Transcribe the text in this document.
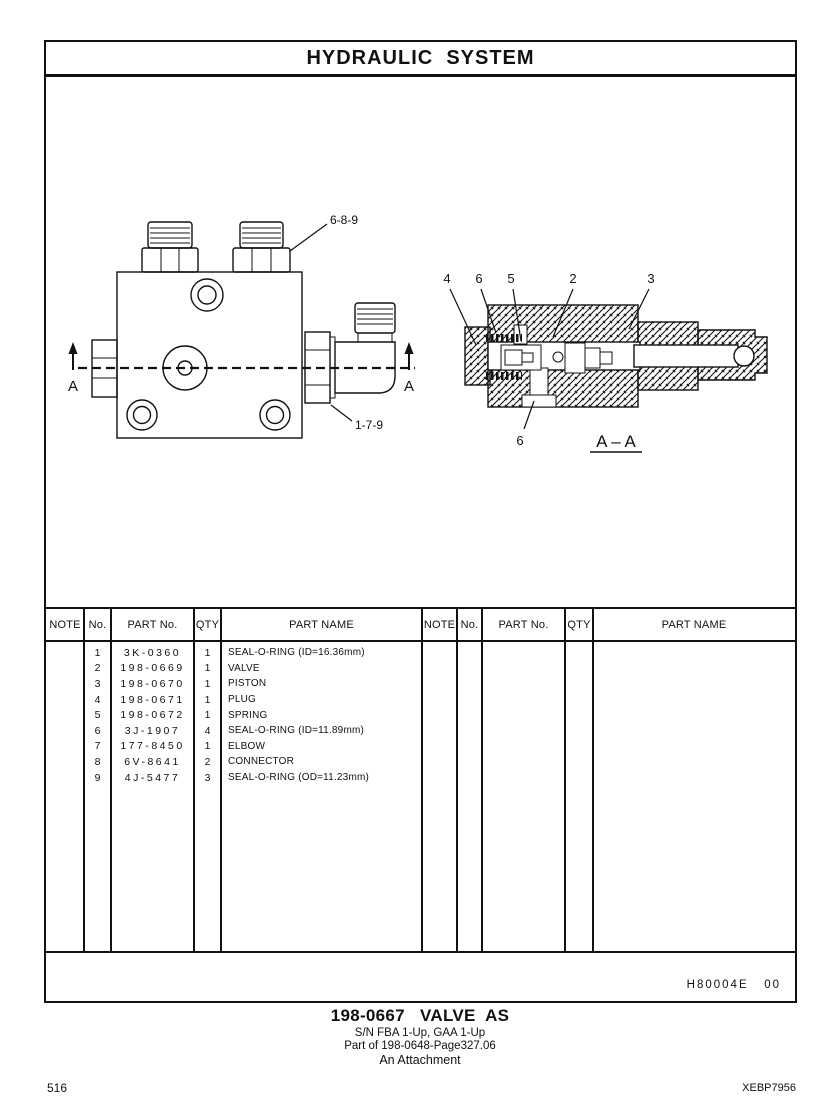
HYDRAULIC  SYSTEM
6-8-9
1-7-9
A	A
4 6 5	2	3
6	A – A
NOTE No.	PART No.	QTY	PART NAME	NOTE No.	PART No.	QTY	PART NAME
1	3K-0360	1	SEAL-O-RING (ID=16.36mm)
2	198-0669	1	VALVE
3	198-0670	1	PISTON
4	198-0671	1	PLUG
5	198-0672	1	SPRING
6	3J-1907	4	SEAL-O-RING (ID=11.89mm)
7	177-8450	1	ELBOW
8	6V-8641	2	CONNECTOR
9	4J-5477	3	SEAL-O-RING (OD=11.23mm)
H80004E   00
198-0667   VALVE  AS
S/N FBA 1-Up, GAA 1-Up
Part of 198-0648-Page327.06
An Attachment
516	XEBP7956
